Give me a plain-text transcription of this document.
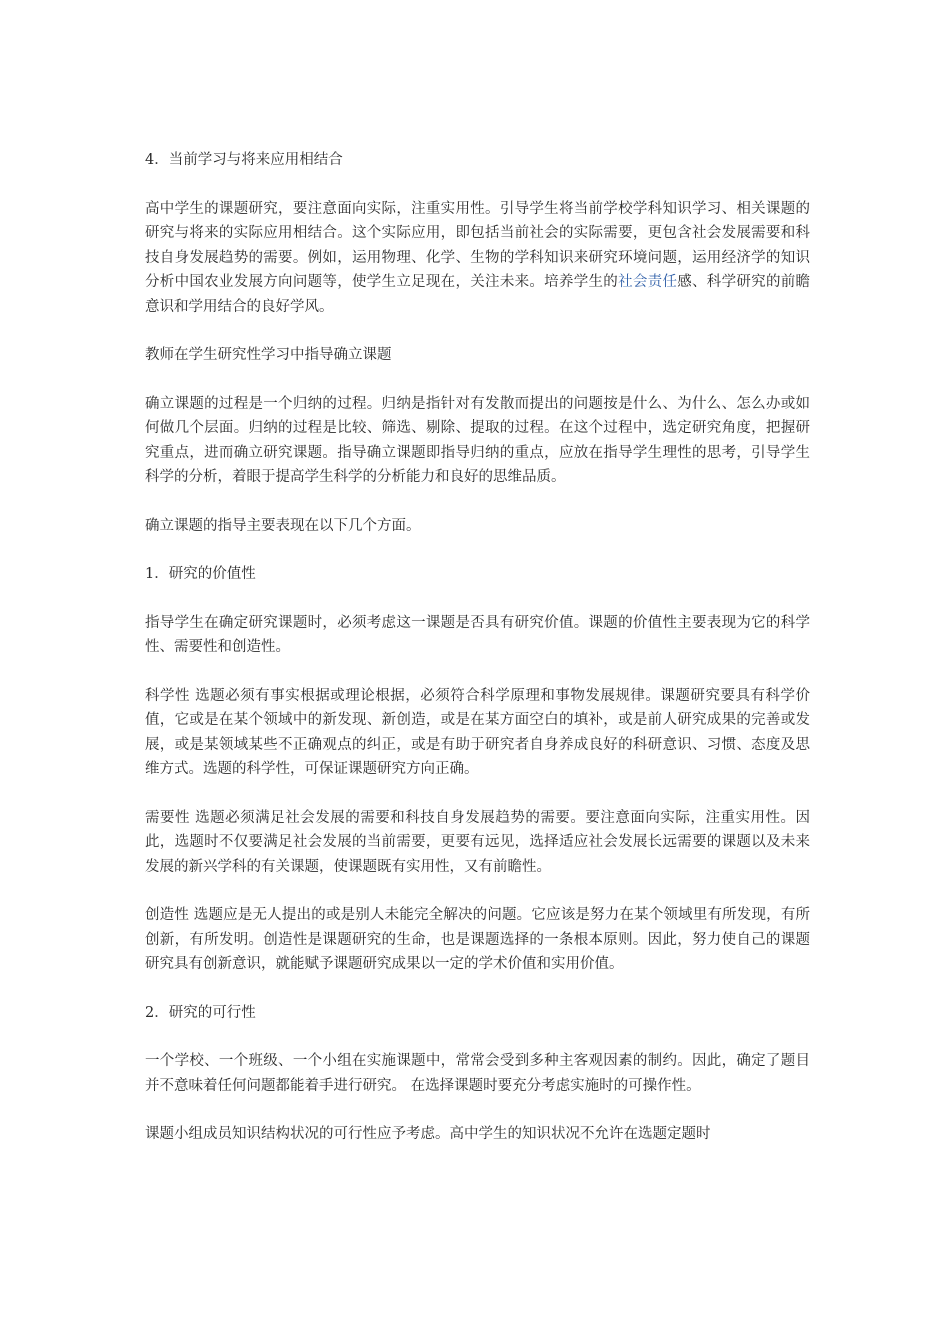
4．当前学习与将来应用相结合

高中学生的课题研究，要注意面向实际，注重实用性。引导学生将当前学校学科知识学习、相关课题的研究与将来的实际应用相结合。这个实际应用，即包括当前社会的实际需要，更包含社会发展需要和科技自身发展趋势的需要。例如，运用物理、化学、生物的学科知识来研究环境问题，运用经济学的知识分析中国农业发展方向问题等，使学生立足现在，关注未来。培养学生的社会责任感、科学研究的前瞻意识和学用结合的良好学风。

教师在学生研究性学习中指导确立课题

确立课题的过程是一个归纳的过程。归纳是指针对有发散而提出的问题按是什么、为什么、怎么办或如何做几个层面。归纳的过程是比较、筛选、剔除、提取的过程。在这个过程中，选定研究角度，把握研究重点，进而确立研究课题。指导确立课题即指导归纳的重点，应放在指导学生理性的思考，引导学生科学的分析，着眼于提高学生科学的分析能力和良好的思维品质。

确立课题的指导主要表现在以下几个方面。

1．研究的价值性

指导学生在确定研究课题时，必须考虑这一课题是否具有研究价值。课题的价值性主要表现为它的科学性、需要性和创造性。

科学性 选题必须有事实根据或理论根据，必须符合科学原理和事物发展规律。课题研究要具有科学价值，它或是在某个领域中的新发现、新创造，或是在某方面空白的填补，或是前人研究成果的完善或发展，或是某领域某些不正确观点的纠正，或是有助于研究者自身养成良好的科研意识、习惯、态度及思维方式。选题的科学性，可保证课题研究方向正确。

需要性 选题必须满足社会发展的需要和科技自身发展趋势的需要。要注意面向实际，注重实用性。因此，选题时不仅要满足社会发展的当前需要，更要有远见，选择适应社会发展长远需要的课题以及未来发展的新兴学科的有关课题，使课题既有实用性，又有前瞻性。

创造性 选题应是无人提出的或是别人未能完全解决的问题。它应该是努力在某个领域里有所发现，有所创新，有所发明。创造性是课题研究的生命，也是课题选择的一条根本原则。因此，努力使自己的课题研究具有创新意识，就能赋予课题研究成果以一定的学术价值和实用价值。

2．研究的可行性

一个学校、一个班级、一个小组在实施课题中，常常会受到多种主客观因素的制约。因此，确定了题目并不意味着任何问题都能着手进行研究。 在选择课题时要充分考虑实施时的可操作性。

课题小组成员知识结构状况的可行性应予考虑。高中学生的知识状况不允许在选题定题时
